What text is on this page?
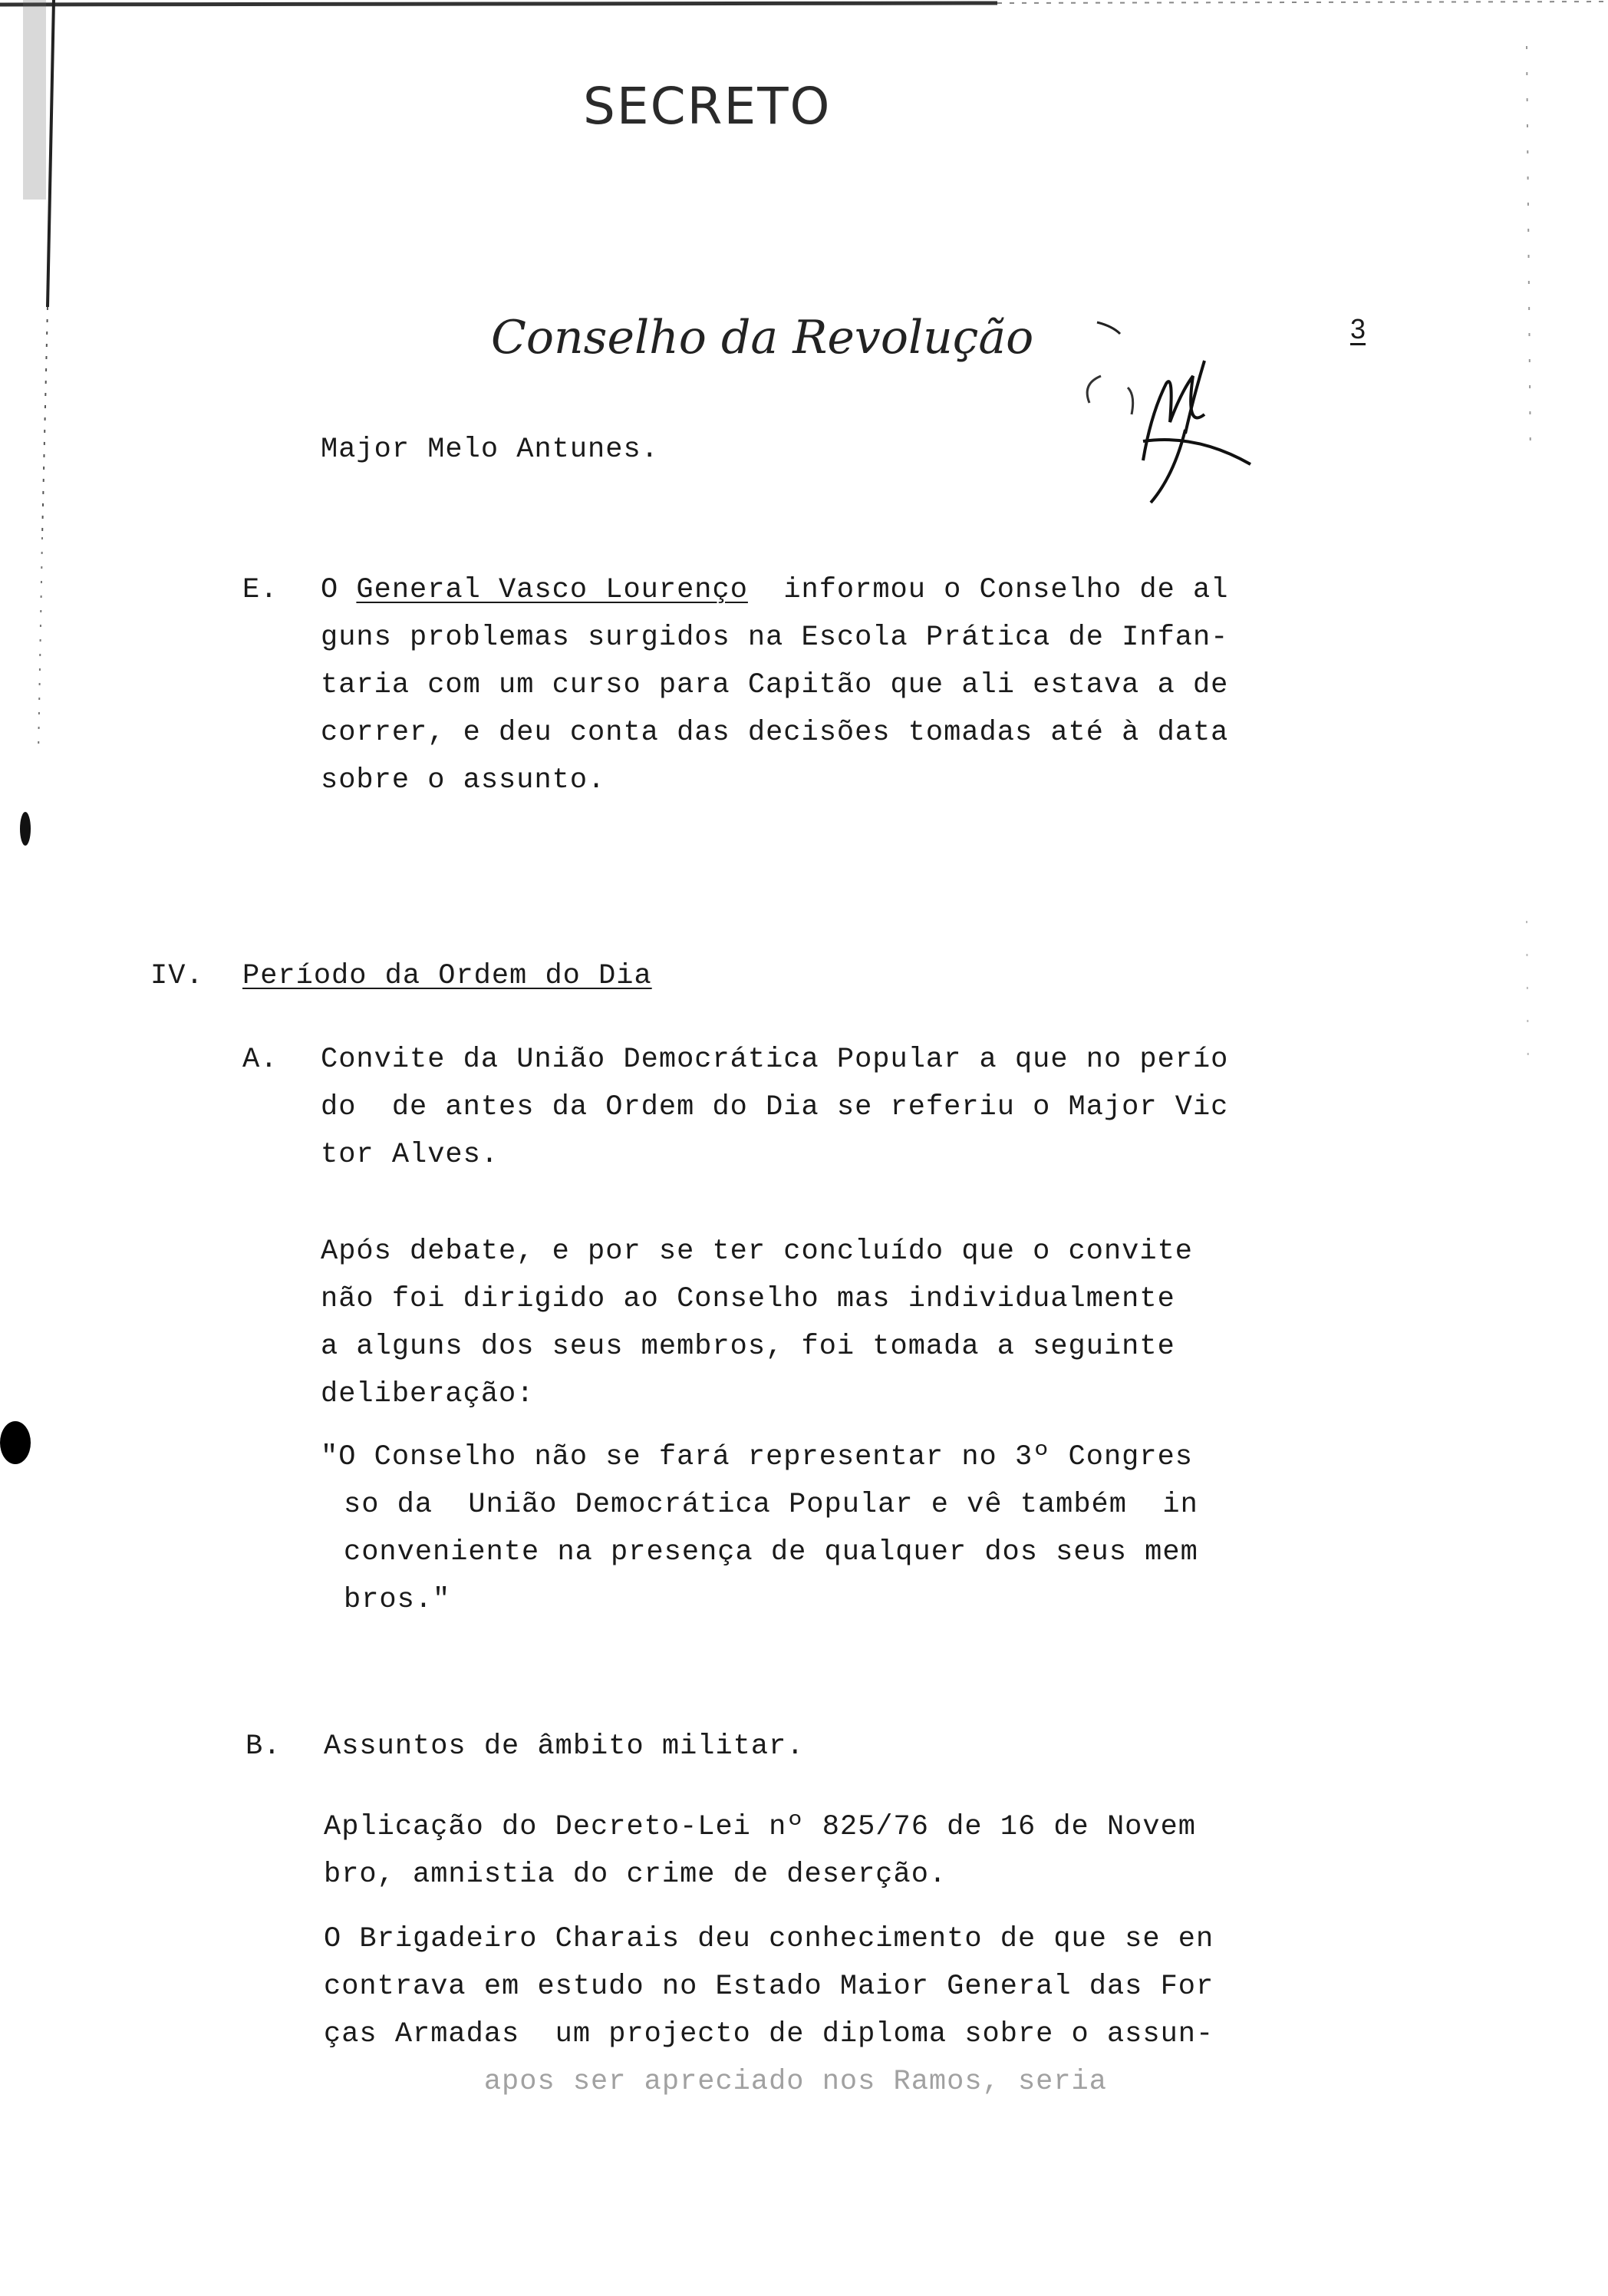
SECRETO
Conselho da Revolução	3
Major Melo Antunes.
E. O General Vasco Lourenço  informou o Conselho de al
guns problemas surgidos na Escola Prática de Infan-
taria com um curso para Capitão que ali estava a de
correr, e deu conta das decisões tomadas até à data
sobre o assunto.
IV. Período da Ordem do Dia
A. Convite da União Democrática Popular a que no perío
do  de antes da Ordem do Dia se referiu o Major Vic
tor Alves.
Após debate, e por se ter concluído que o convite
não foi dirigido ao Conselho mas individualmente
a alguns dos seus membros, foi tomada a seguinte
deliberação:
"O Conselho não se fará representar no 3º Congres
so da  União Democrática Popular e vê também  in
conveniente na presença de qualquer dos seus mem
bros."
B. Assuntos de âmbito militar.
Aplicação do Decreto-Lei nº 825/76 de 16 de Novem
bro, amnistia do crime de deserção.
O Brigadeiro Charais deu conhecimento de que se en
contrava em estudo no Estado Maior General das For
ças Armadas  um projecto de diploma sobre o assun-
apos ser apreciado nos Ramos, seria
